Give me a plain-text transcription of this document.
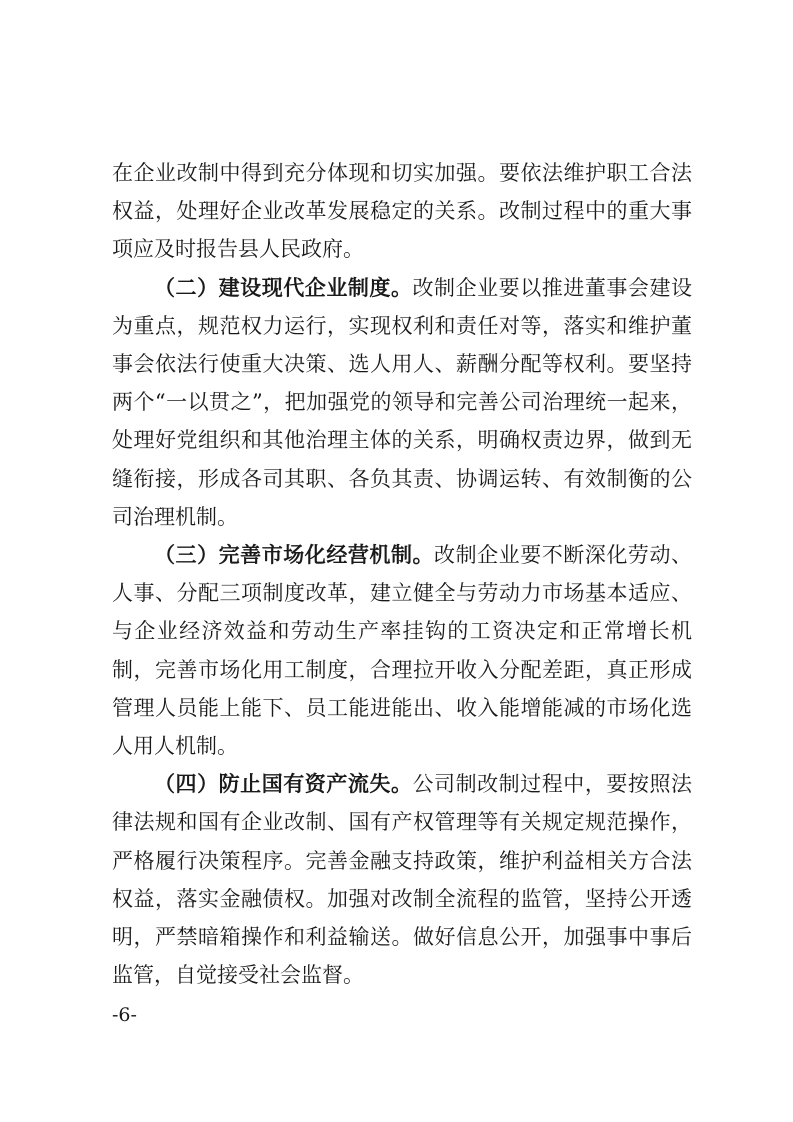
在企业改制中得到充分体现和切实加强。要依法维护职工合法
权益，处理好企业改革发展稳定的关系。改制过程中的重大事
项应及时报告县人民政府。
（二）建设现代企业制度。改制企业要以推进董事会建设
为重点，规范权力运行，实现权利和责任对等，落实和维护董
事会依法行使重大决策、选人用人、薪酬分配等权利。要坚持
两个“一以贯之”，把加强党的领导和完善公司治理统一起来，
处理好党组织和其他治理主体的关系，明确权责边界，做到无
缝衔接，形成各司其职、各负其责、协调运转、有效制衡的公
司治理机制。
（三）完善市场化经营机制。改制企业要不断深化劳动、
人事、分配三项制度改革，建立健全与劳动力市场基本适应、
与企业经济效益和劳动生产率挂钩的工资决定和正常增长机
制，完善市场化用工制度，合理拉开收入分配差距，真正形成
管理人员能上能下、员工能进能出、收入能增能减的市场化选
人用人机制。
（四）防止国有资产流失。公司制改制过程中，要按照法
律法规和国有企业改制、国有产权管理等有关规定规范操作，
严格履行决策程序。完善金融支持政策，维护利益相关方合法
权益，落实金融债权。加强对改制全流程的监管，坚持公开透
明，严禁暗箱操作和利益输送。做好信息公开，加强事中事后
监管，自觉接受社会监督。
-6-
